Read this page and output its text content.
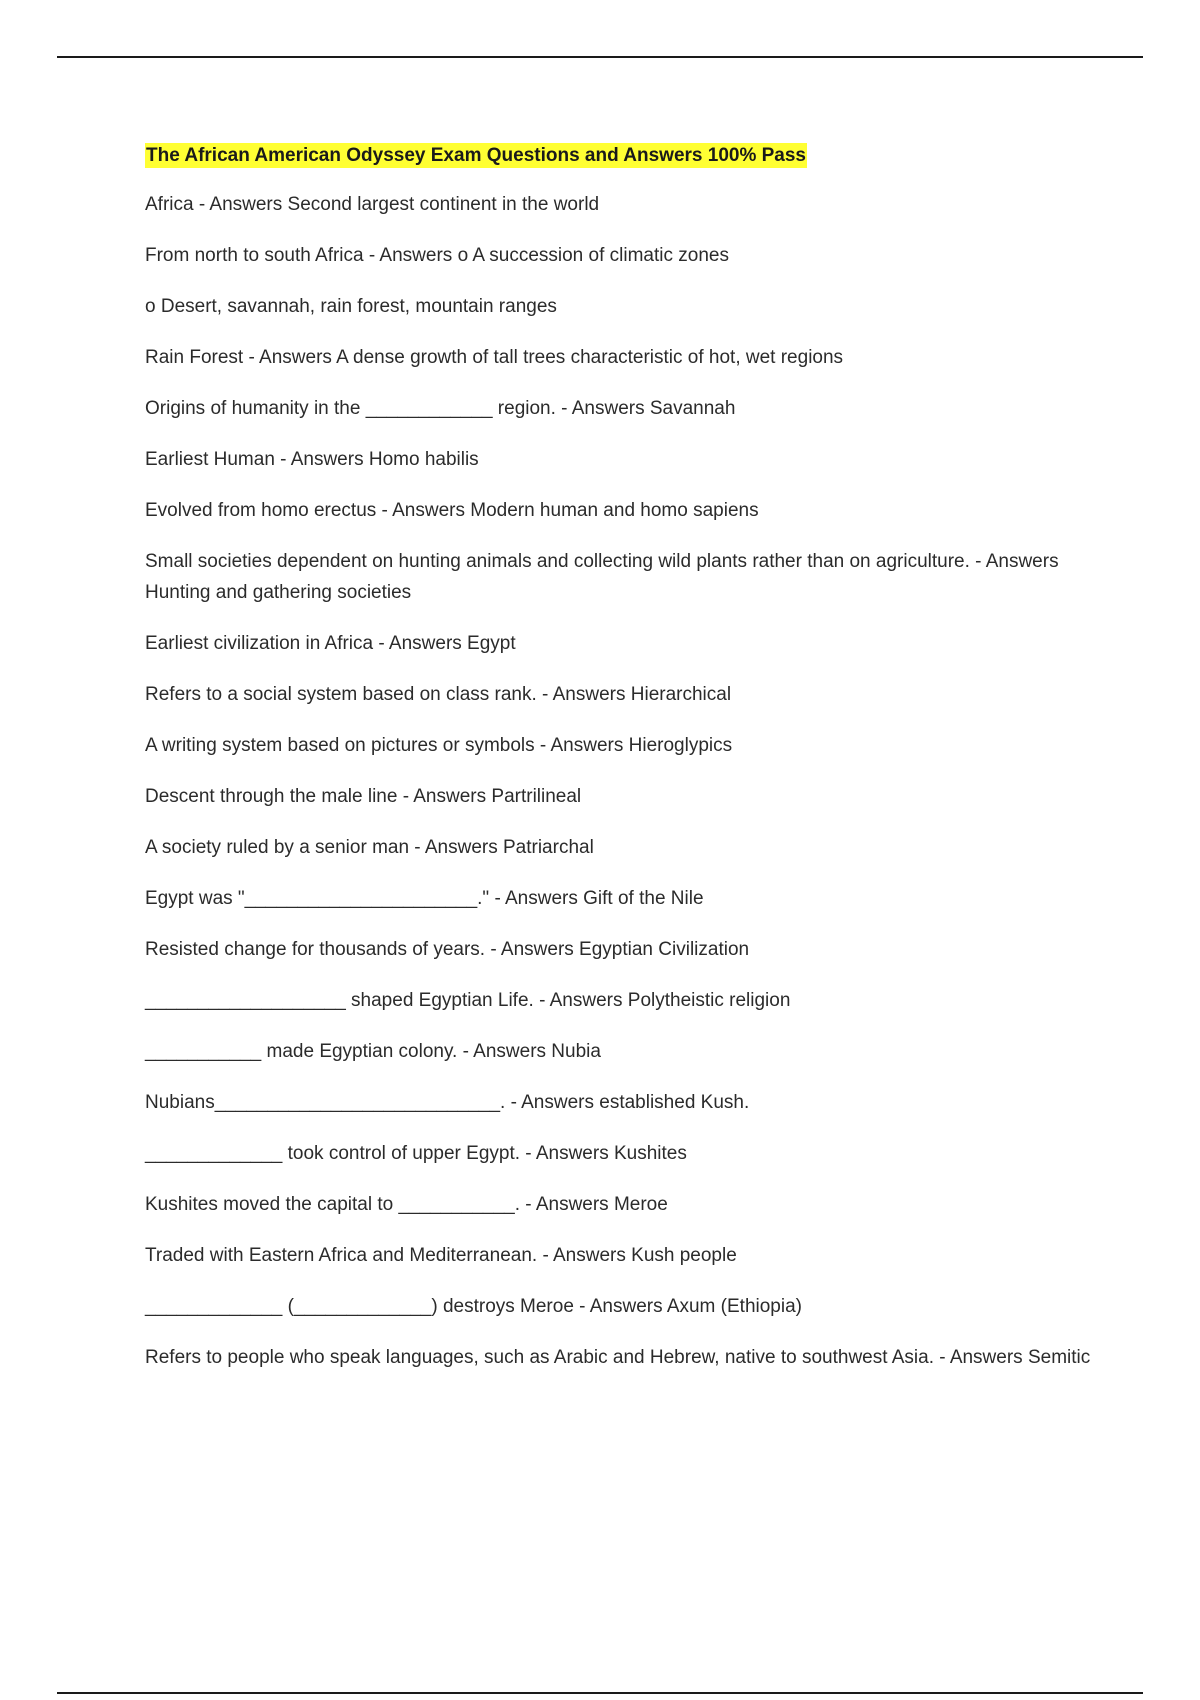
The African American Odyssey Exam Questions and Answers 100% Pass
Africa - Answers Second largest continent in the world
From north to south Africa - Answers o A succession of climatic zones
o Desert, savannah, rain forest, mountain ranges
Rain Forest - Answers A dense growth of tall trees characteristic of hot, wet regions
Origins of humanity in the ____________ region. - Answers Savannah
Earliest Human - Answers Homo habilis
Evolved from homo erectus - Answers Modern human and homo sapiens
Small societies dependent on hunting animals and collecting wild plants rather than on agriculture. - Answers Hunting and gathering societies
Earliest civilization in Africa - Answers Egypt
Refers to a social system based on class rank. - Answers Hierarchical
A writing system based on pictures or symbols - Answers Hieroglypics
Descent through the male line - Answers Partrilineal
A society ruled by a senior man - Answers Patriarchal
Egypt was "______________________." - Answers Gift of the Nile
Resisted change for thousands of years. - Answers Egyptian Civilization
___________________ shaped Egyptian Life. - Answers Polytheistic religion
___________ made Egyptian colony. - Answers Nubia
Nubians___________________________. - Answers established Kush.
_____________ took control of upper Egypt. - Answers Kushites
Kushites moved the capital to ___________. - Answers Meroe
Traded with Eastern Africa and Mediterranean. - Answers Kush people
_____________ (_____________) destroys Meroe - Answers Axum (Ethiopia)
Refers to people who speak languages, such as Arabic and Hebrew, native to southwest Asia. - Answers Semitic
